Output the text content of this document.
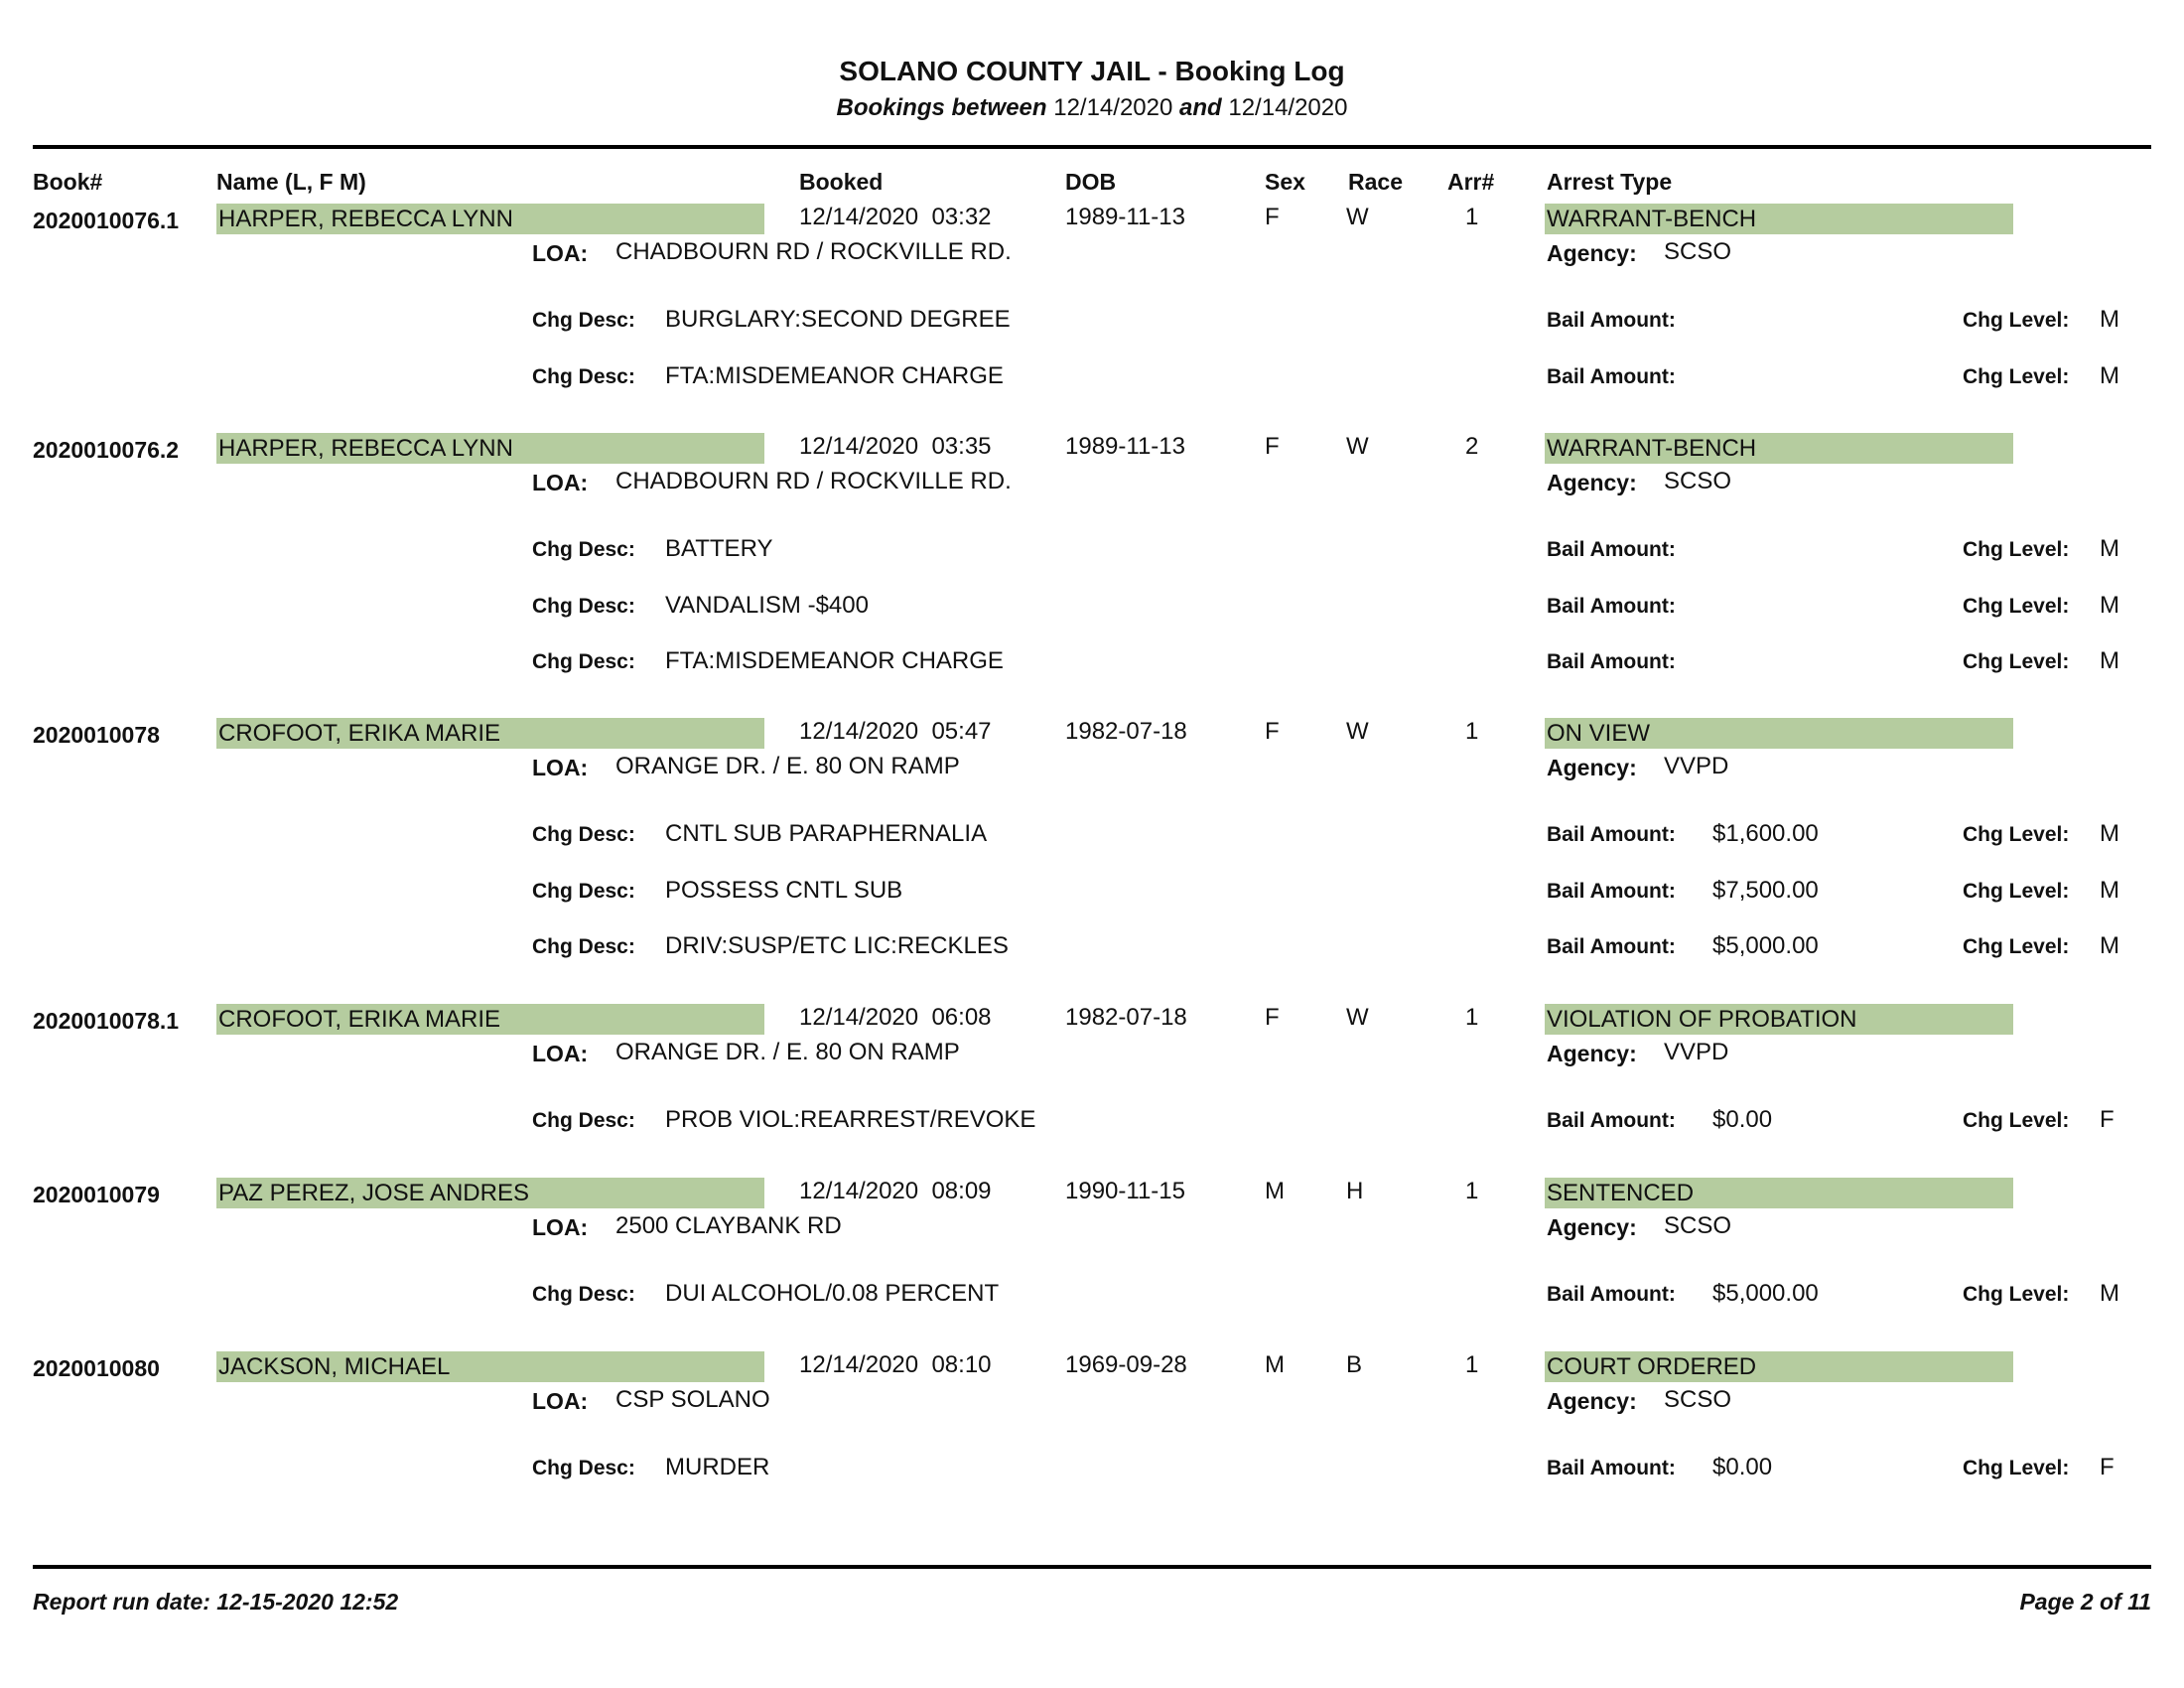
SOLANO COUNTY JAIL - Booking Log
Bookings between 12/14/2020 and 12/14/2020
Book#	Name (L, F M)	Booked	DOB	Sex Race Arr# Arrest Type
2020010076.1 HARPER, REBECCA LYNN	12/14/2020  03:32	1989-11-13	F	W	1	WARRANT-BENCH
LOA: CHADBOURN RD / ROCKVILLE RD.	Agency: SCSO
Chg Desc: BURGLARY:SECOND DEGREE	Bail Amount:	Chg Level: M
Chg Desc: FTA:MISDEMEANOR CHARGE	Bail Amount:	Chg Level: M
2020010076.2 HARPER, REBECCA LYNN	12/14/2020  03:35	1989-11-13	F	W	2	WARRANT-BENCH
LOA: CHADBOURN RD / ROCKVILLE RD.	Agency: SCSO
Chg Desc: BATTERY	Bail Amount:	Chg Level: M
Chg Desc: VANDALISM -$400	Bail Amount:	Chg Level: M
Chg Desc: FTA:MISDEMEANOR CHARGE	Bail Amount:	Chg Level: M
2020010078 CROFOOT, ERIKA MARIE	12/14/2020  05:47	1982-07-18	F	W	1	ON VIEW
LOA: ORANGE DR. / E. 80 ON RAMP	Agency: VVPD
Chg Desc: CNTL SUB PARAPHERNALIA	Bail Amount: $1,600.00	Chg Level: M
Chg Desc: POSSESS CNTL SUB	Bail Amount: $7,500.00	Chg Level: M
Chg Desc: DRIV:SUSP/ETC LIC:RECKLES	Bail Amount: $5,000.00	Chg Level: M
2020010078.1 CROFOOT, ERIKA MARIE	12/14/2020  06:08	1982-07-18	F	W	1	VIOLATION OF PROBATION
LOA: ORANGE DR. / E. 80 ON RAMP	Agency: VVPD
Chg Desc: PROB VIOL:REARREST/REVOKE	Bail Amount: $0.00	Chg Level: F
2020010079 PAZ PEREZ, JOSE ANDRES	12/14/2020  08:09	1990-11-15	M	H	1	SENTENCED
LOA: 2500 CLAYBANK RD	Agency: SCSO
Chg Desc: DUI ALCOHOL/0.08 PERCENT	Bail Amount: $5,000.00	Chg Level: M
2020010080 JACKSON, MICHAEL	12/14/2020  08:10	1969-09-28	M	B	1	COURT ORDERED
LOA: CSP SOLANO	Agency: SCSO
Chg Desc: MURDER	Bail Amount: $0.00	Chg Level: F
Report run date: 12-15-2020 12:52	Page 2 of 11
